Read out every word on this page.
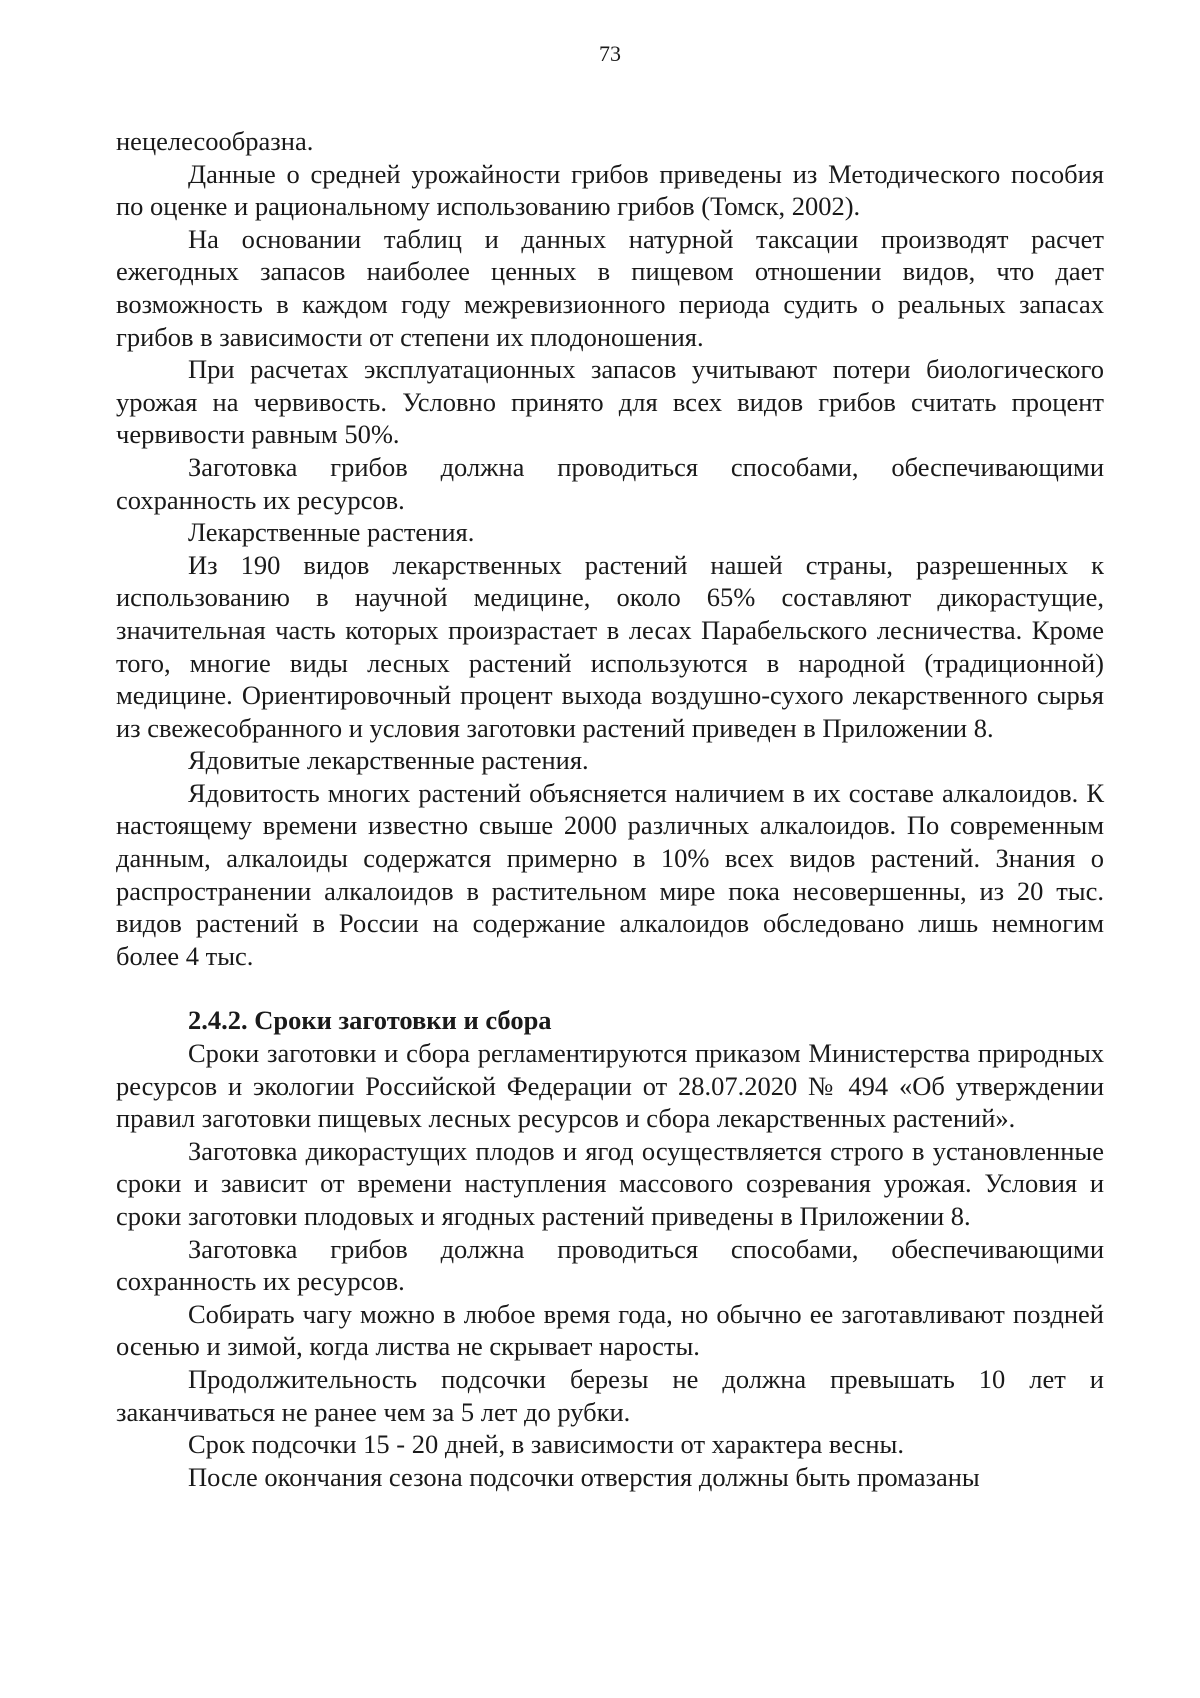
73

нецелесообразна.

Данные о средней урожайности грибов приведены из Методического пособия по оценке и рациональному использованию грибов (Томск, 2002).

На основании таблиц и данных натурной таксации производят расчет ежегодных запасов наиболее ценных в пищевом отношении видов, что дает возможность в каждом году межревизионного периода судить о реальных запасах грибов в зависимости от степени их плодоношения.

При расчетах эксплуатационных запасов учитывают потери биологического урожая на червивость. Условно принято для всех видов грибов считать процент червивости равным 50%.

Заготовка грибов должна проводиться способами, обеспечивающими сохранность их ресурсов.

Лекарственные растения.

Из 190 видов лекарственных растений нашей страны, разрешенных к использованию в научной медицине, около 65% составляют дикорастущие, значительная часть которых произрастает в лесах Парабельского лесничества. Кроме того, многие виды лесных растений используются в народной (традиционной) медицине. Ориентировочный процент выхода воздушно-сухого лекарственного сырья из свежесобранного и условия заготовки растений приведен в Приложении 8.

Ядовитые лекарственные растения.

Ядовитость многих растений объясняется наличием в их составе алкалоидов. К настоящему времени известно свыше 2000 различных алкалоидов. По современным данным, алкалоиды содержатся примерно в 10% всех видов растений. Знания о распространении алкалоидов в растительном мире пока несовершенны, из 20 тыс. видов растений в России на содержание алкалоидов обследовано лишь немногим более 4 тыс.

2.4.2. Сроки заготовки и сбора

Сроки заготовки и сбора регламентируются приказом Министерства природных ресурсов и экологии Российской Федерации от 28.07.2020 № 494 «Об утверждении правил заготовки пищевых лесных ресурсов и сбора лекарственных растений».

Заготовка дикорастущих плодов и ягод осуществляется строго в установленные сроки и зависит от времени наступления массового созревания урожая. Условия и сроки заготовки плодовых и ягодных растений приведены в Приложении 8.

Заготовка грибов должна проводиться способами, обеспечивающими сохранность их ресурсов.

Собирать чагу можно в любое время года, но обычно ее заготавливают поздней осенью и зимой, когда листва не скрывает наросты.

Продолжительность подсочки березы не должна превышать 10 лет и заканчиваться не ранее чем за 5 лет до рубки.

Срок подсочки 15 - 20 дней, в зависимости от характера весны.

После окончания сезона подсочки отверстия должны быть промазаны
